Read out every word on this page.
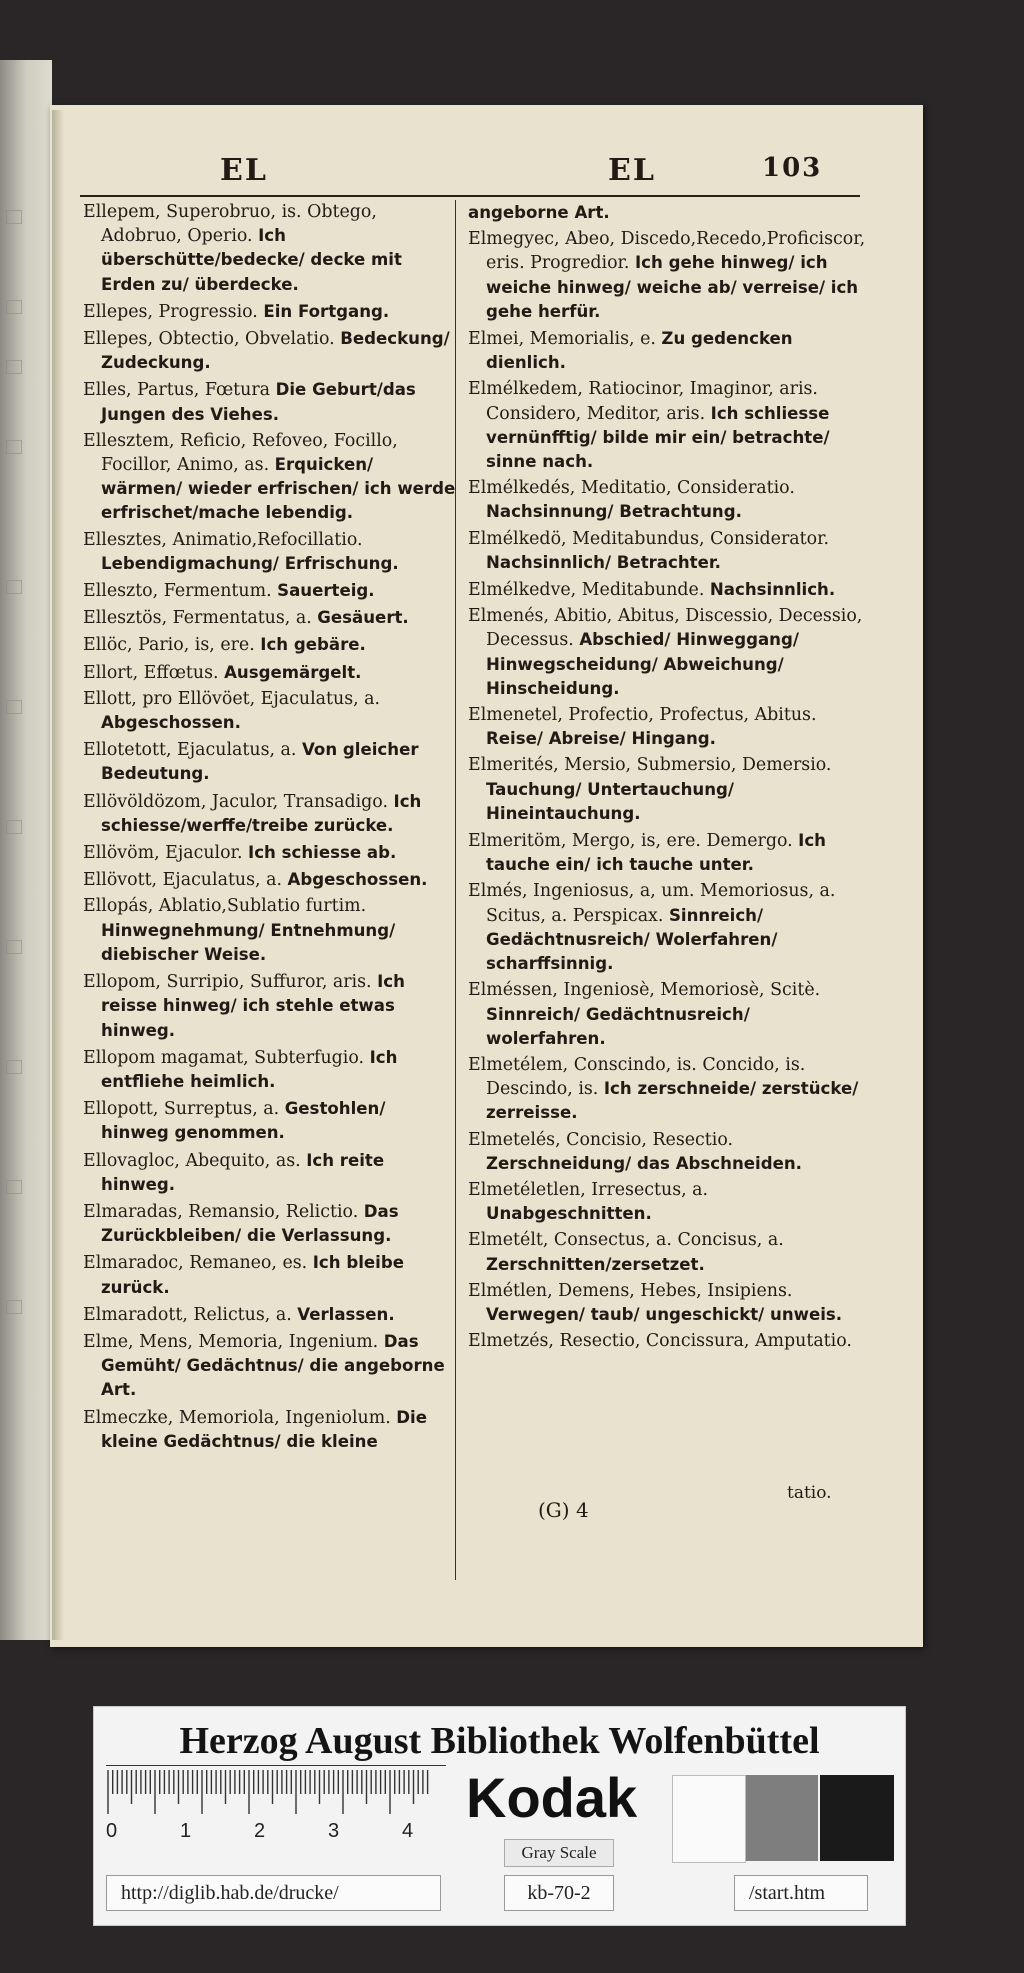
EL	EL	103
Ellepem, Superobruo, is. Obtego, Adobruo, Operio. Ich überschütte/bedecke/ decke mit Erden zu/ überdecke.
Ellepes, Progressio. Ein Fortgang.
Ellepes, Obtectio, Obvelatio. Bedeckung/ Zudeckung.
Elles, Partus, Fœtura Die Geburt/das Jungen des Viehes.
Ellesztem, Reficio, Refoveo, Focillo, Focillor, Animo, as. Erquicken/ wärmen/ wieder erfrischen/ ich werde erfrischet/mache lebendig.
Ellesztes, Animatio,Refocillatio. Lebendigmachung/ Erfrischung.
Elleszto, Fermentum. Sauerteig.
Ellesztös, Fermentatus, a. Gesäuert.
Ellöc, Pario, is, ere. Ich gebäre.
Ellort, Effœtus. Ausgemärgelt.
Ellott, pro Ellövöet, Ejaculatus, a. Abgeschossen.
Ellotetott, Ejaculatus, a. Von gleicher Bedeutung.
Ellövöldözom, Jaculor, Transadigo. Ich schiesse/werffe/treibe zurücke.
Ellövöm, Ejaculor. Ich schiesse ab.
Ellövott, Ejaculatus, a. Abgeschossen.
Ellopás, Ablatio,Sublatio furtim. Hinwegnehmung/ Entnehmung/ diebischer Weise.
Ellopom, Surripio, Suffuror, aris. Ich reisse hinweg/ ich stehle etwas hinweg.
Ellopom magamat, Subterfugio. Ich entfliehe heimlich.
Ellopott, Surreptus, a. Gestohlen/ hinweg genommen.
Ellovagloc, Abequito, as. Ich reite hinweg.
Elmaradas, Remansio, Relictio. Das Zurückbleiben/ die Verlassung.
Elmaradoc, Remaneo, es. Ich bleibe zurück.
Elmaradott, Relictus, a. Verlassen.
Elme, Mens, Memoria, Ingenium. Das Gemüht/ Gedächtnus/ die angeborne Art.
Elmeczke, Memoriola, Ingeniolum. Die kleine Gedächtnus/ die kleine
angeborne Art.
Elmegyec, Abeo, Discedo,Recedo,Proficiscor, eris. Progredior. Ich gehe hinweg/ ich weiche hinweg/ weiche ab/ verreise/ ich gehe herfür.
Elmei, Memorialis, e. Zu gedencken dienlich.
Elmélkedem, Ratiocinor, Imaginor, aris. Considero, Meditor, aris. Ich schliesse vernünfftig/ bilde mir ein/ betrachte/ sinne nach.
Elmélkedés, Meditatio, Consideratio. Nachsinnung/ Betrachtung.
Elmélkedö, Meditabundus, Considerator. Nachsinnlich/ Betrachter.
Elmélkedve, Meditabunde. Nachsinnlich.
Elmenés, Abitio, Abitus, Discessio, Decessio, Decessus. Abschied/ Hinweggang/ Hinwegscheidung/ Abweichung/ Hinscheidung.
Elmenetel, Profectio, Profectus, Abitus. Reise/ Abreise/ Hingang.
Elmerités, Mersio, Submersio, Demersio. Tauchung/ Untertauchung/ Hineintauchung.
Elmeritöm, Mergo, is, ere. Demergo. Ich tauche ein/ ich tauche unter.
Elmés, Ingeniosus, a, um. Memoriosus, a. Scitus, a. Perspicax. Sinnreich/ Gedächtnusreich/ Wolerfahren/ scharffsinnig.
Elméssen, Ingeniosè, Memoriosè, Scitè. Sinnreich/ Gedächtnusreich/ wolerfahren.
Elmetélem, Conscindo, is. Concido, is. Descindo, is. Ich zerschneide/ zerstücke/ zerreisse.
Elmetelés, Concisio, Resectio. Zerschneidung/ das Abschneiden.
Elmetéletlen, Irresectus, a. Unabgeschnitten.
Elmetélt, Consectus, a. Concisus, a. Zerschnitten/zersetzet.
Elmétlen, Demens, Hebes, Insipiens. Verwegen/ taub/ ungeschickt/ unweis.
Elmetzés, Resectio, Concissura, Amputatio.
(G) 4
tatio.
Herzog August Bibliothek Wolfenbüttel
0	1	2	3	4
Kodak
Gray Scale
http://diglib.hab.de/drucke/	kb-70-2	/start.htm
